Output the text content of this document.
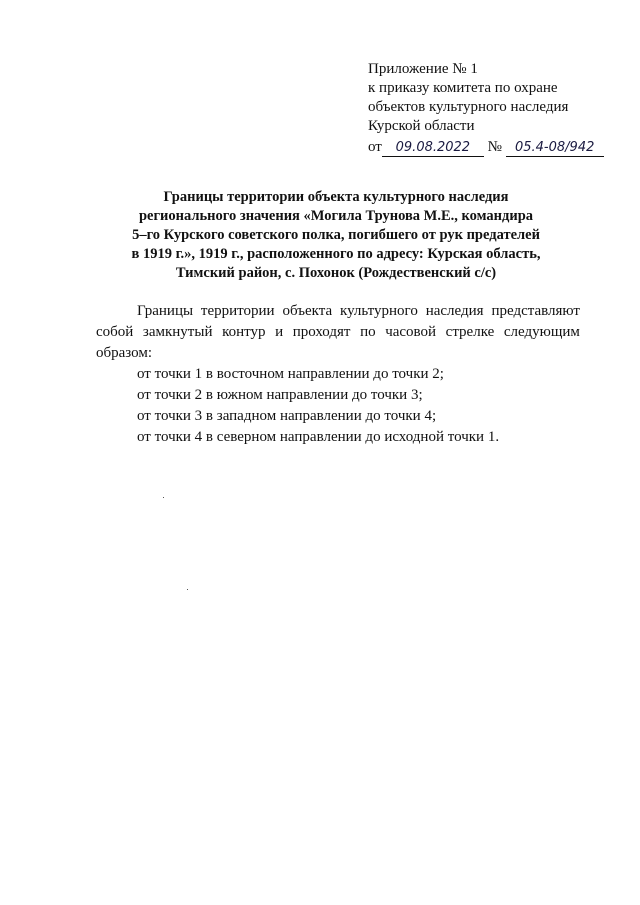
Приложение № 1
к приказу комитета по охране
объектов культурного наследия
Курской области
от 09.08.2022 № 05.4-08/942
Границы территории объекта культурного наследия
регионального значения «Могила Трунова М.Е., командира
5–го Курского советского полка, погибшего от рук предателей
в 1919 г.», 1919 г., расположенного по адресу: Курская область,
Тимский район, с. Похонок (Рождественский с/с)
Границы территории объекта культурного наследия представляют
собой замкнутый контур и проходят по часовой стрелке следующим
образом:
от точки 1 в восточном направлении до точки 2;
от точки 2 в южном направлении до точки 3;
от точки 3 в западном направлении до точки 4;
от точки 4 в северном направлении до исходной точки 1.
